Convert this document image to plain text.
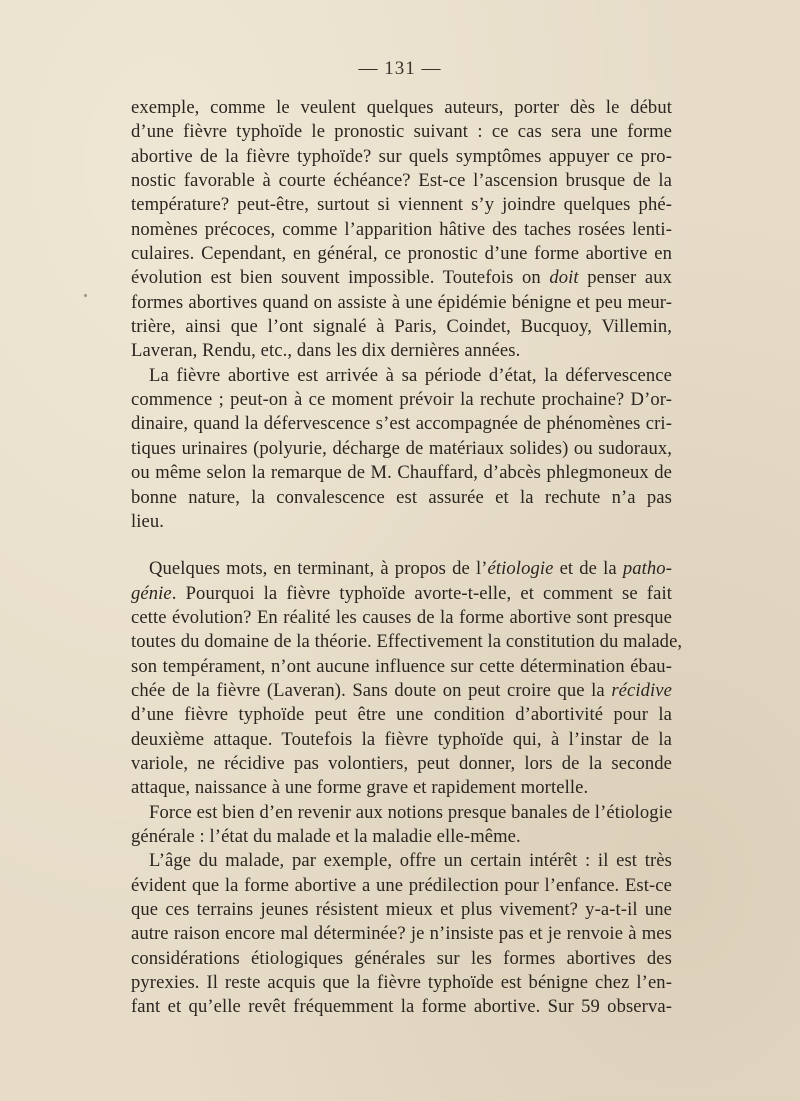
— 131 —
exemple, comme le veulent quelques auteurs, porter dès le début
d’une fièvre typhoïde le pronostic suivant : ce cas sera une forme
abortive de la fièvre typhoïde? sur quels symptômes appuyer ce pro-
nostic favorable à courte échéance? Est-ce l’ascension brusque de la
température? peut-être, surtout si viennent s’y joindre quelques phé-
nomènes précoces, comme l’apparition hâtive des taches rosées lenti-
culaires. Cependant, en général, ce pronostic d’une forme abortive en
évolution est bien souvent impossible. Toutefois on doit penser aux
formes abortives quand on assiste à une épidémie bénigne et peu meur-
trière, ainsi que l’ont signalé à Paris, Coindet, Bucquoy, Villemin,
Laveran, Rendu, etc., dans les dix dernières années.
La fièvre abortive est arrivée à sa période d’état, la défervescence
commence ; peut-on à ce moment prévoir la rechute prochaine? D’or-
dinaire, quand la défervescence s’est accompagnée de phénomènes cri-
tiques urinaires (polyurie, décharge de matériaux solides) ou sudoraux,
ou même selon la remarque de M. Chauffard, d’abcès phlegmoneux de
bonne nature, la convalescence est assurée et la rechute n’a pas
lieu.
Quelques mots, en terminant, à propos de l’étiologie et de la patho-
génie. Pourquoi la fièvre typhoïde avorte-t-elle, et comment se fait
cette évolution? En réalité les causes de la forme abortive sont presque
toutes du domaine de la théorie. Effectivement la constitution du malade,
son tempérament, n’ont aucune influence sur cette détermination ébau-
chée de la fièvre (Laveran). Sans doute on peut croire que la récidive
d’une fièvre typhoïde peut être une condition d’abortivité pour la
deuxième attaque. Toutefois la fièvre typhoïde qui, à l’instar de la
variole, ne récidive pas volontiers, peut donner, lors de la seconde
attaque, naissance à une forme grave et rapidement mortelle.
Force est bien d’en revenir aux notions presque banales de l’étiologie
générale : l’état du malade et la maladie elle-même.
L’âge du malade, par exemple, offre un certain intérêt : il est très
évident que la forme abortive a une prédilection pour l’enfance. Est-ce
que ces terrains jeunes résistent mieux et plus vivement? y-a-t-il une
autre raison encore mal déterminée? je n’insiste pas et je renvoie à mes
considérations étiologiques générales sur les formes abortives des
pyrexies. Il reste acquis que la fièvre typhoïde est bénigne chez l’en-
fant et qu’elle revêt fréquemment la forme abortive. Sur 59 observa-
